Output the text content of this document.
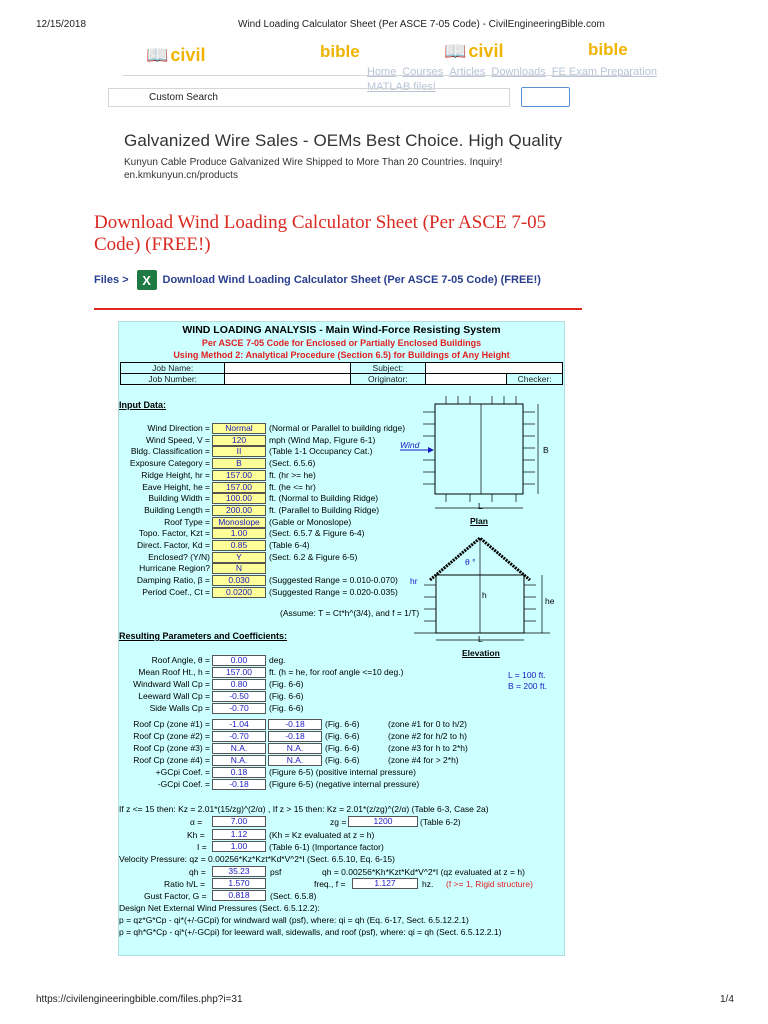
12/15/2018	Wind Loading Calculator Sheet (Per ASCE 7-05 Code) - CivilEngineeringBible.com
https://civilengineeringbible.com/files.php?i=31	1/4
📖 civil	bible	📖 civil	bible
Home Courses Articles Downloads FE Exam Preparation
MATLAB files!
Custom Search
Galvanized Wire Sales - OEMs Best Choice. High Quality
Kunyun Cable Produce Galvanized Wire Shipped to More Than 20 Countries. Inquiry!
en.kmkunyun.cn/products
Download Wind Loading Calculator Sheet (Per ASCE 7-05 Code) (FREE!)
Files >	X	Download Wind Loading Calculator Sheet (Per ASCE 7-05 Code) (FREE!)
WIND LOADING ANALYSIS - Main Wind-Force Resisting System
Per ASCE 7-05 Code for Enclosed or Partially Enclosed Buildings
Using Method 2: Analytical Procedure (Section 6.5) for Buildings of Any Height
Job Name:		Subject:		
Job Number:		Originator:		Checker:
Input Data:
Wind Direction =	Normal	(Normal or Parallel to building ridge)
Wind Speed, V =	120	mph (Wind Map, Figure 6-1)
Bldg. Classification =	II	(Table 1-1 Occupancy Cat.)
Exposure Category =	B	(Sect. 6.5.6)
Ridge Height, hr =	157.00	ft. (hr >= he)
Eave Height, he =	157.00	ft. (he <= hr)
Building Width =	100.00	ft. (Normal to Building Ridge)
Building Length =	200.00	ft. (Parallel to Building Ridge)
Roof Type = Monoslope	(Gable or Monoslope)
Topo. Factor, Kzt =	1.00	(Sect. 6.5.7 & Figure 6-4)
Direct. Factor, Kd =	0.85	(Table 6-4)
Enclosed? (Y/N)	Y	(Sect. 6.2 & Figure 6-5)
Hurricane Region?	N
Damping Ratio, β =	0.030	(Suggested Range = 0.010-0.070)
Period Coef., Ct =	0.0200	(Suggested Range = 0.020-0.035)
(Assume: T = Ct*h^(3/4), and f = 1/T)
Resulting Parameters and Coefficients:
Roof Angle, θ =	0.00	deg.
Mean Roof Ht., h =	157.00	ft. (h = he, for roof angle <=10 deg.)
Windward Wall Cp =	0.80	(Fig. 6-6)
Leeward Wall Cp =	-0.50	(Fig. 6-6)
Side Walls Cp =	-0.70	(Fig. 6-6)
L = 100 ft.
B = 200 ft.
Roof Cp (zone #1) =	-1.04	-0.18	(Fig. 6-6)	(zone #1 for 0 to h/2)
Roof Cp (zone #2) =	-0.70	-0.18	(Fig. 6-6)	(zone #2 for h/2 to h)
Roof Cp (zone #3) =	N.A.	N.A.	(Fig. 6-6)	(zone #3 for h to 2*h)
Roof Cp (zone #4) =	N.A.	N.A.	(Fig. 6-6)	(zone #4 for > 2*h)
+GCpi Coef. =	0.18	(Figure 6-5) (positive internal pressure)
-GCpi Coef. =	-0.18	(Figure 6-5) (negative internal pressure)
If z <= 15 then: Kz = 2.01*(15/zg)^(2/α) , If z > 15 then: Kz = 2.01*(z/zg)^(2/α) (Table 6-3, Case 2a)
α =	7.00	zg =	1200	(Table 6-2)
Kh =	1.12	(Kh = Kz evaluated at z = h)
I =	1.00	(Table 6-1) (Importance factor)
Velocity Pressure: qz = 0.00256*Kz*Kzt*Kd*V^2*I (Sect. 6.5.10, Eq. 6-15)
qh =	35.23	psf	qh = 0.00256*Kh*Kzt*Kd*V^2*I (qz evaluated at z = h)
Ratio h/L =	1.570	freq., f =	1.127	hz. (f >= 1, Rigid structure)
Gust Factor, G =	0.818	(Sect. 6.5.8)
Design Net External Wind Pressures (Sect. 6.5.12.2):
p = qz*G*Cp - qi*(+/-GCpi) for windward wall (psf), where: qi = qh (Eq. 6-17, Sect. 6.5.12.2.1)
p = qh*G*Cp - qi*(+/-GCpi) for leeward wall, sidewalls, and roof (psf), where: qi = qh (Sect. 6.5.12.2.1)
Wind	B
L
Plan
θ °
hr
h
he
L
Elevation
